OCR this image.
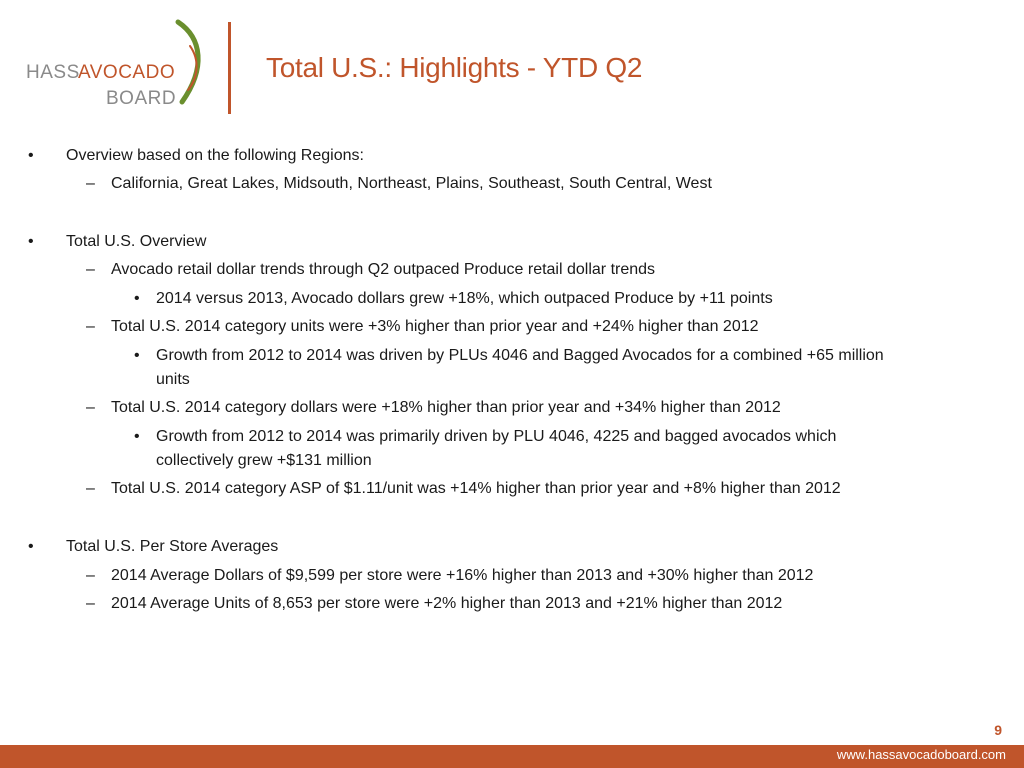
HASS
AVOCADO
BOARD
Total U.S.: Highlights - YTD Q2
• Overview based on the following Regions:
– California, Great Lakes, Midsouth, Northeast, Plains, Southeast, South Central, West
• Total U.S. Overview
– Avocado retail dollar trends through Q2 outpaced Produce retail dollar trends
• 2014 versus 2013, Avocado dollars grew +18%, which outpaced Produce by +11 points
– Total U.S. 2014 category units were +3% higher than prior year and +24% higher than 2012
• Growth from 2012 to 2014 was driven by PLUs 4046 and Bagged Avocados for a combined +65 million
units
– Total U.S. 2014 category dollars were +18% higher than prior year and +34% higher than 2012
• Growth from 2012 to 2014 was primarily driven by PLU 4046, 4225 and bagged avocados which
collectively grew +$131 million
– Total U.S. 2014 category ASP of $1.11/unit was +14% higher than prior year and +8% higher than 2012
• Total U.S. Per Store Averages
– 2014 Average Dollars of $9,599 per store were +16% higher than 2013 and +30% higher than 2012
– 2014 Average Units of 8,653 per store were +2% higher than 2013 and +21% higher than 2012
9
www.hassavocadoboard.com
